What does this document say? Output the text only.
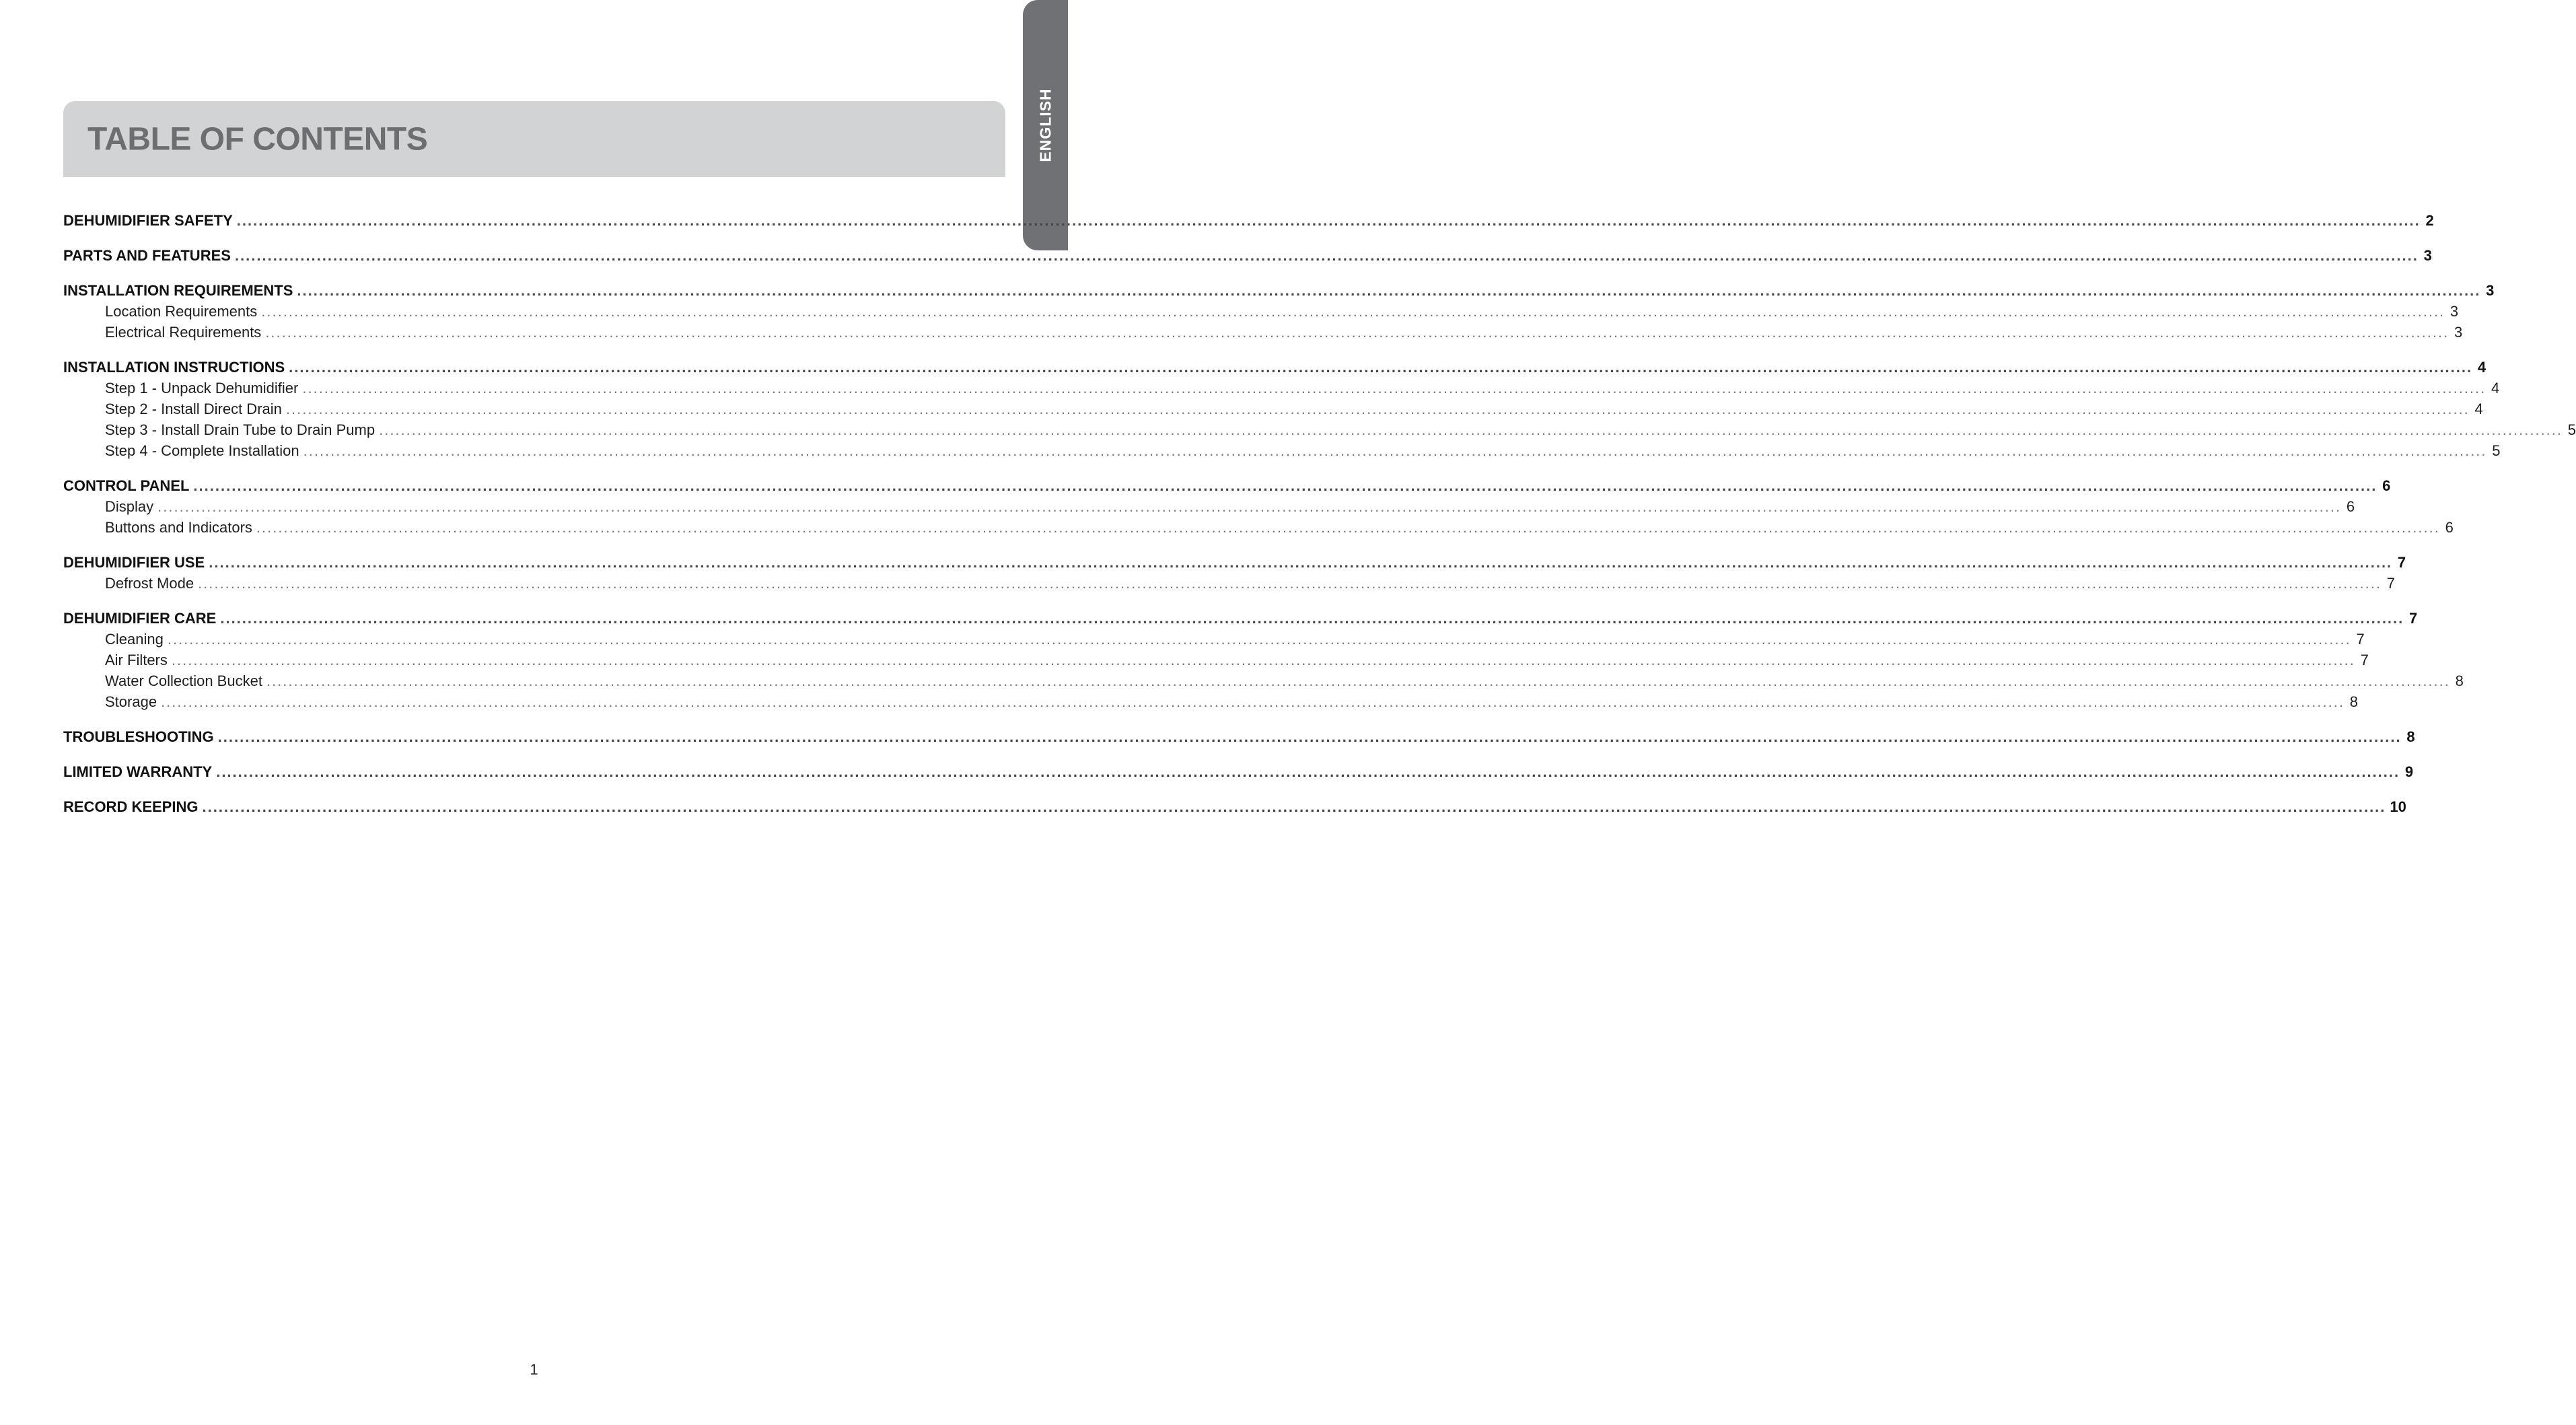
ENGLISH
TABLE OF CONTENTS
DEHUMIDIFIER SAFETY ................................................................................................................................................................................................................................................................................................................................................................................................................ 2
PARTS AND FEATURES ................................................................................................................................................................................................................................................................................................................................................................................................................ 3
INSTALLATION REQUIREMENTS ................................................................................................................................................................................................................................................................................................................................................................................................................ 3
Location Requirements ................................................................................................................................................................................................................................................................................................................................................................................................................ 3
Electrical Requirements ................................................................................................................................................................................................................................................................................................................................................................................................................ 3
INSTALLATION INSTRUCTIONS ................................................................................................................................................................................................................................................................................................................................................................................................................ 4
Step 1 - Unpack Dehumidifier ................................................................................................................................................................................................................................................................................................................................................................................................................ 4
Step 2 - Install Direct Drain ................................................................................................................................................................................................................................................................................................................................................................................................................ 4
Step 3 - Install Drain Tube to Drain Pump ................................................................................................................................................................................................................................................................................................................................................................................................................ 5
Step 4 - Complete Installation ................................................................................................................................................................................................................................................................................................................................................................................................................ 5
CONTROL PANEL ................................................................................................................................................................................................................................................................................................................................................................................................................ 6
Display ................................................................................................................................................................................................................................................................................................................................................................................................................ 6
Buttons and Indicators ................................................................................................................................................................................................................................................................................................................................................................................................................ 6
DEHUMIDIFIER USE ................................................................................................................................................................................................................................................................................................................................................................................................................ 7
Defrost Mode ................................................................................................................................................................................................................................................................................................................................................................................................................ 7
DEHUMIDIFIER CARE ................................................................................................................................................................................................................................................................................................................................................................................................................ 7
Cleaning ................................................................................................................................................................................................................................................................................................................................................................................................................ 7
Air Filters ................................................................................................................................................................................................................................................................................................................................................................................................................ 7
Water Collection Bucket ................................................................................................................................................................................................................................................................................................................................................................................................................ 8
Storage ................................................................................................................................................................................................................................................................................................................................................................................................................ 8
TROUBLESHOOTING ................................................................................................................................................................................................................................................................................................................................................................................................................ 8
LIMITED WARRANTY ................................................................................................................................................................................................................................................................................................................................................................................................................ 9
RECORD KEEPING ................................................................................................................................................................................................................................................................................................................................................................................................................ 10
1
